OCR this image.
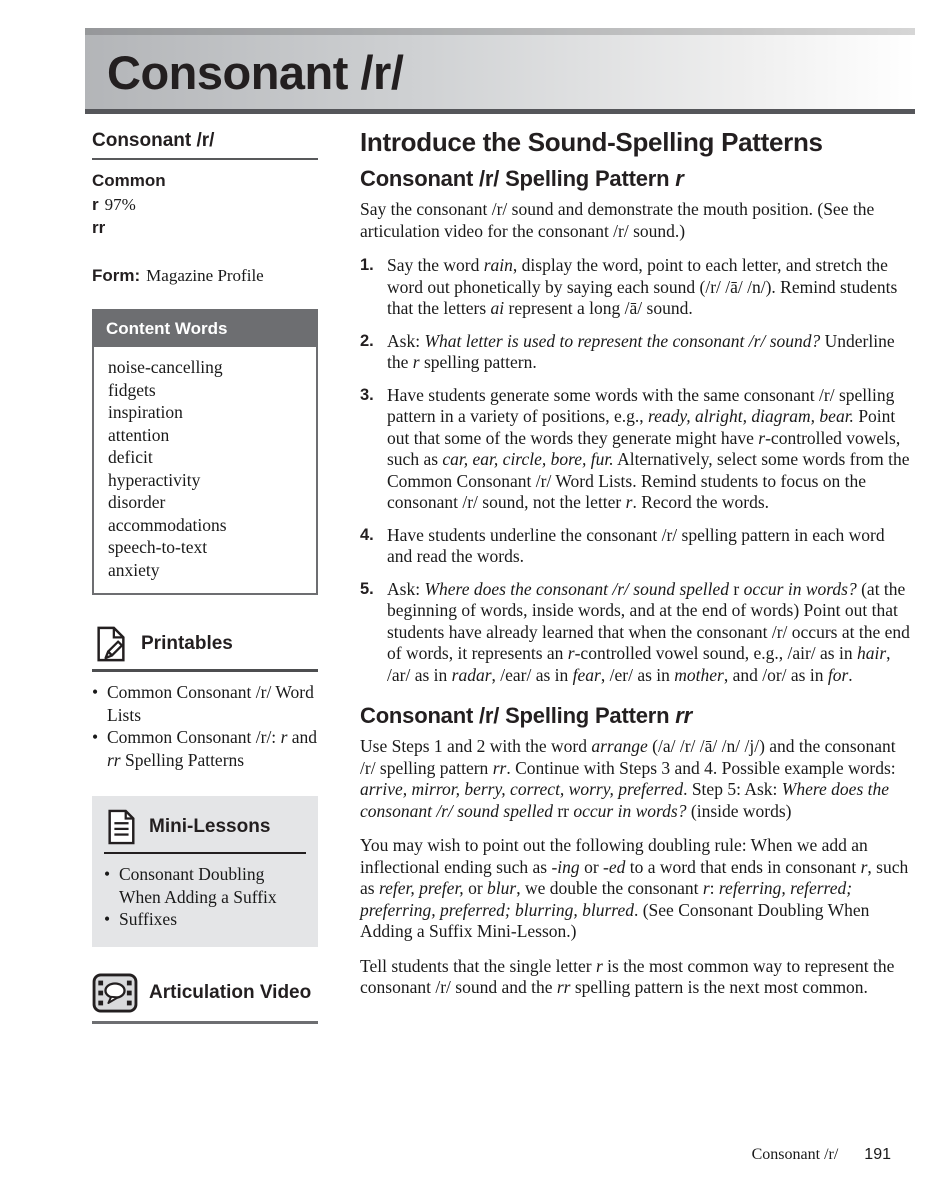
Consonant /r/
Consonant /r/
Common
r 97%
rr
Form: Magazine Profile
Content Words
noise-cancelling
fidgets
inspiration
attention
deficit
hyperactivity
disorder
accommodations
speech-to-text
anxiety
Printables
•
Common Consonant /r/ Word Lists
•
Common Consonant /r/: r and rr Spelling Patterns
Mini-Lessons
•
Consonant Doubling When Adding a Suffix
•
Suffixes
Articulation Video
Introduce the Sound-Spelling Patterns
Consonant /r/ Spelling Pattern r

Say the consonant /r/ sound and demonstrate the mouth position. (See the articulation video for the consonant /r/ sound.)

1. Say the word rain, display the word, point to each letter, and stretch the word out phonetically by saying each sound (/r/ /ā/ /n/). Remind students that the letters ai represent a long /ā/ sound.
2. Ask: What letter is used to represent the consonant /r/ sound? Underline the r spelling pattern.
3. Have students generate some words with the same consonant /r/ spelling pattern in a variety of positions, e.g., ready, alright, diagram, bear. Point out that some of the words they generate might have r-controlled vowels, such as car, ear, circle, bore, fur. Alternatively, select some words from the Common Consonant /r/ Word Lists. Remind students to focus on the consonant /r/ sound, not the letter r. Record the words.
4. Have students underline the consonant /r/ spelling pattern in each word and read the words.
5. Ask: Where does the consonant /r/ sound spelled r occur in words? (at the beginning of words, inside words, and at the end of words) Point out that students have already learned that when the consonant /r/ occurs at the end of words, it represents an r-controlled vowel sound, e.g., /air/ as in hair, /ar/ as in radar, /ear/ as in fear, /er/ as in mother, and /or/ as in for.
Consonant /r/ Spelling Pattern rr

Use Steps 1 and 2 with the word arrange (/a/ /r/ /ā/ /n/ /j/) and the consonant /r/ spelling pattern rr. Continue with Steps 3 and 4. Possible example words: arrive, mirror, berry, correct, worry, preferred. Step 5: Ask: Where does the consonant /r/ sound spelled rr occur in words? (inside words)

You may wish to point out the following doubling rule: When we add an inflectional ending such as -ing or -ed to a word that ends in consonant r, such as refer, prefer, or blur, we double the consonant r: referring, referred; preferring, preferred; blurring, blurred. (See Consonant Doubling When Adding a Suffix Mini-Lesson.)

Tell students that the single letter r is the most common way to represent the consonant /r/ sound and the rr spelling pattern is the next most common.

Consonant /r/ 191
